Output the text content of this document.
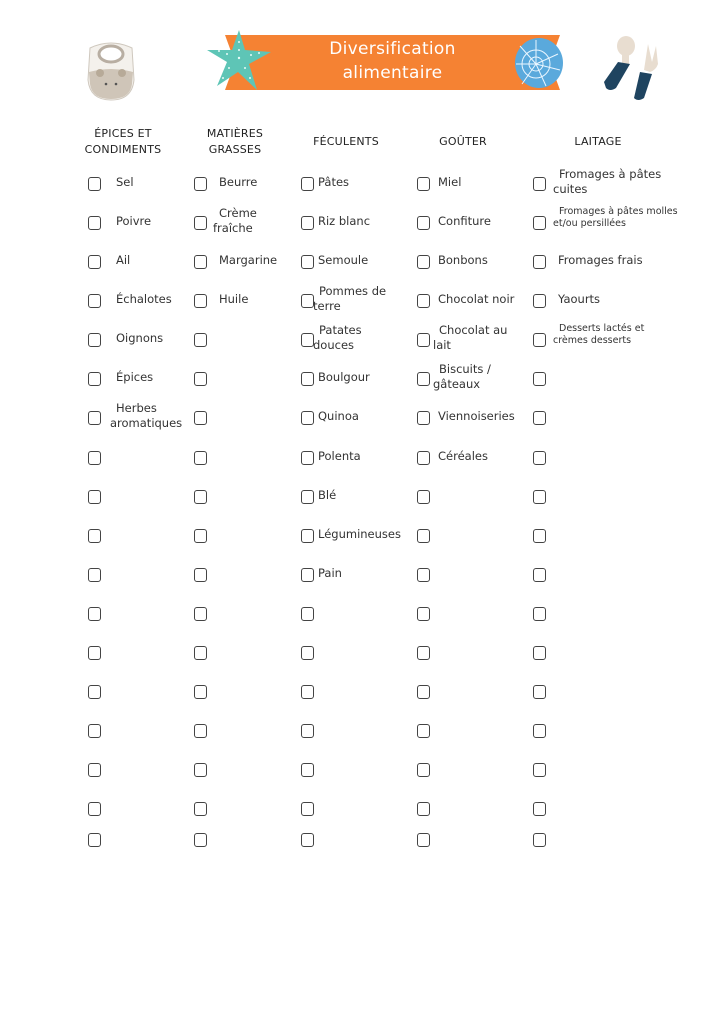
Diversification
alimentaire
ÉPICES ET
CONDIMENTS
MATIÈRES
GRASSES
FÉCULENTS	GOÛTER	LAITAGE
Sel
Poivre
Ail
Échalotes
Oignons
Épices
Herbes
aromatiques
Beurre
Crème
fraîche
Margarine
Huile
Pâtes
Riz blanc
Semoule
Pommes de
terre
Patates
douces
Boulgour
Quinoa
Polenta
Blé
Légumineuses
Pain
Miel
Confiture
Bonbons
Chocolat noir
Chocolat au
lait
Biscuits /
gâteaux
Viennoiseries
Céréales
Fromages à pâtes
cuites
Fromages à pâtes molles
et/ou persillées
Fromages frais
Yaourts
Desserts lactés et
crèmes desserts
